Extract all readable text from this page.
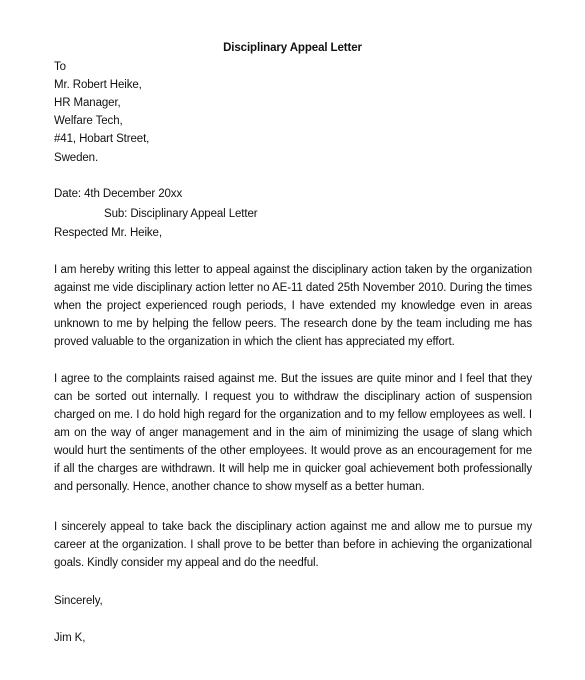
Disciplinary Appeal Letter
To
Mr. Robert Heike,
HR Manager,
Welfare Tech,
#41, Hobart Street,
Sweden.
Date: 4th December 20xx
Sub: Disciplinary Appeal Letter
Respected Mr. Heike,
I am hereby writing this letter to appeal against the disciplinary action taken by the organization against me vide disciplinary action letter no AE-11 dated 25th November 2010. During the times when the project experienced rough periods, I have extended my knowledge even in areas unknown to me by helping the fellow peers. The research done by the team including me has proved valuable to the organization in which the client has appreciated my effort.
I agree to the complaints raised against me. But the issues are quite minor and I feel that they can be sorted out internally. I request you to withdraw the disciplinary action of suspension charged on me. I do hold high regard for the organization and to my fellow employees as well. I am on the way of anger management and in the aim of minimizing the usage of slang which would hurt the sentiments of the other employees. It would prove as an encouragement for me if all the charges are withdrawn. It will help me in quicker goal achievement both professionally and personally. Hence, another chance to show myself as a better human.
I sincerely appeal to take back the disciplinary action against me and allow me to pursue my career at the organization. I shall prove to be better than before in achieving the organizational goals. Kindly consider my appeal and do the needful.
Sincerely,
Jim K,
